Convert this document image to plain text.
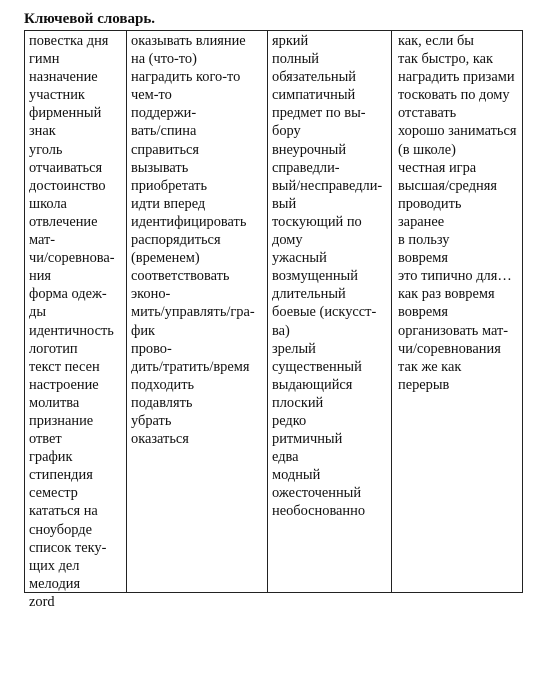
Ключевой словарь.
повестка дня
гимн
назначение
участник
фирменный
знак
уголь
отчаиваться
достоинство
школа
отвлечение
мат-
чи/соревнова-
ния
форма одеж-
ды
идентичность
логотип
текст песен
настроение
молитва
признание
ответ
график
стипендия
семестр
кататься на
сноуборде
список теку-
щих дел
мелодия
zord
оказывать влияние
на (что-то)
наградить кого-то
чем-то
поддержи-
вать/спина
справиться
вызывать
приобретать
идти вперед
идентифицировать
распорядиться
(временем)
соответствовать
эконо-
мить/управлять/гра-
фик
прово-
дить/тратить/время
подходить
подавлять
убрать
оказаться
яркий
полный
обязательный
симпатичный
предмет по вы-
бору
внеурочный
справедли-
вый/несправедли-
вый
тоскующий по
дому
ужасный
возмущенный
длительный
боевые (искусст-
ва)
зрелый
существенный
выдающийся
плоский
редко
ритмичный
едва
модный
ожесточенный
необоснованно
как, если бы
так быстро, как
наградить призами
тосковать по дому
отставать
хорошо заниматься
(в школе)
честная игра
высшая/средняя
проводить
заранее
в пользу
вовремя
это типично для…
как раз вовремя
вовремя
организовать мат-
чи/соревнования
так же как
перерыв
